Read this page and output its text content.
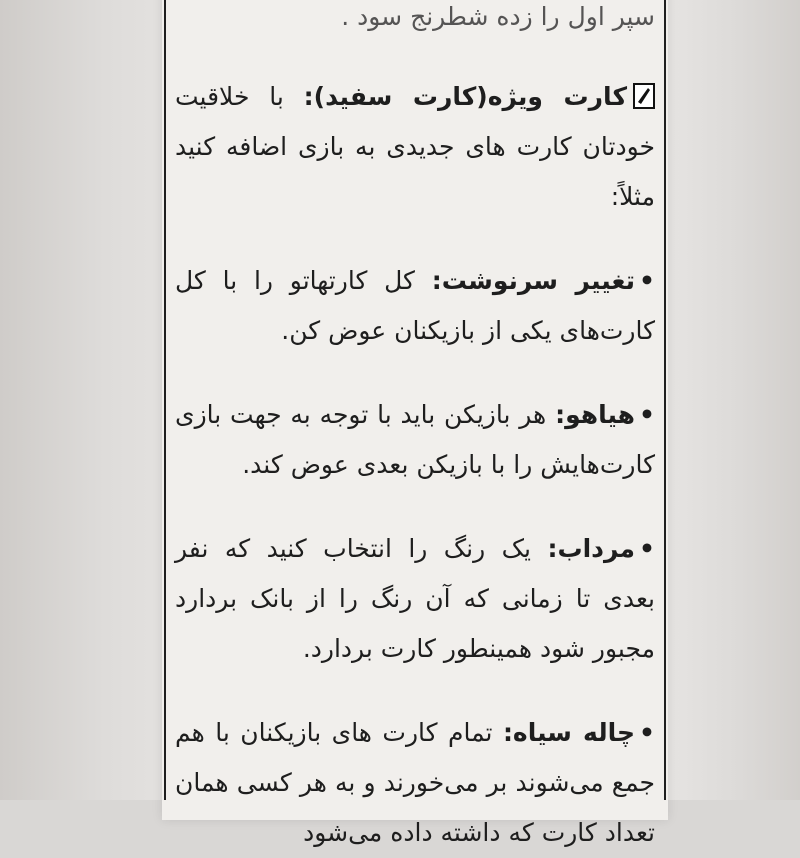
سپر اول را زده شطرنج سود .

کارت ویژه(کارت سفید): با خلاقیت خودتان کارت های جدیدی به بازی اضافه کنید مثلاً:

•تغییر سرنوشت: کل کارتهاتو را با کل کارت‌های یکی از بازیکنان عوض کن.

•هیاهو: هر بازیکن باید با توجه به جهت بازی کارت‌هایش را با بازیکن بعدی عوض کند.

•مرداب: یک رنگ را انتخاب کنید که نفر بعدی تا زمانی که آن رنگ را از بانک بردارد مجبور شود همینطور کارت بردارد.

•چاله سیاه: تمام کارت های بازیکنان با هم جمع می‌شوند بر می‌خورند و به هر کسی همان تعداد کارت که داشته داده می‌شود
